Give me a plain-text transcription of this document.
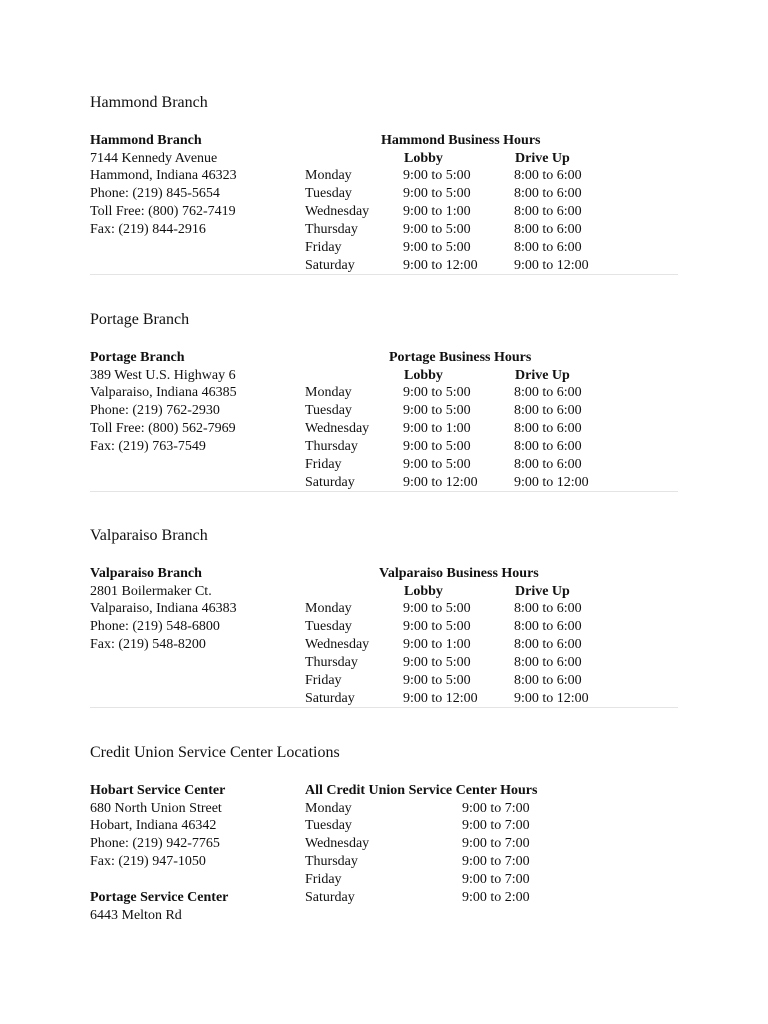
Hammond Branch
Hammond Branch
7144 Kennedy Avenue
Hammond, Indiana 46323
Phone: (219) 845-5654
Toll Free: (800) 762-7419
Fax: (219) 844-2916
Hammond Business Hours
Lobby	Drive Up
Monday	9:00 to 5:00	8:00 to 6:00
Tuesday	9:00 to 5:00	8:00 to 6:00
Wednesday 9:00 to 1:00	8:00 to 6:00
Thursday	9:00 to 5:00	8:00 to 6:00
Friday	9:00 to 5:00	8:00 to 6:00
Saturday	9:00 to 12:00	9:00 to 12:00
Portage Branch
Portage Branch
389 West U.S. Highway 6
Valparaiso, Indiana 46385
Phone: (219) 762-2930
Toll Free: (800) 562-7969
Fax: (219) 763-7549
Portage Business Hours
Lobby	Drive Up
Monday	9:00 to 5:00	8:00 to 6:00
Tuesday	9:00 to 5:00	8:00 to 6:00
Wednesday 9:00 to 1:00	8:00 to 6:00
Thursday	9:00 to 5:00	8:00 to 6:00
Friday	9:00 to 5:00	8:00 to 6:00
Saturday	9:00 to 12:00	9:00 to 12:00
Valparaiso Branch
Valparaiso Branch
2801 Boilermaker Ct.
Valparaiso, Indiana 46383
Phone: (219) 548-6800
Fax: (219) 548-8200
Valparaiso Business Hours
Lobby	Drive Up
Monday	9:00 to 5:00	8:00 to 6:00
Tuesday	9:00 to 5:00	8:00 to 6:00
Wednesday 9:00 to 1:00	8:00 to 6:00
Thursday	9:00 to 5:00	8:00 to 6:00
Friday	9:00 to 5:00	8:00 to 6:00
Saturday	9:00 to 12:00	9:00 to 12:00
Credit Union Service Center Locations
Hobart Service Center
680 North Union Street
Hobart, Indiana 46342
Phone: (219) 942-7765
Fax: (219) 947-1050
Portage Service Center
6443 Melton Rd
All Credit Union Service Center Hours
Monday	9:00 to 7:00
Tuesday	9:00 to 7:00
Wednesday	9:00 to 7:00
Thursday	9:00 to 7:00
Friday	9:00 to 7:00
Saturday	9:00 to 2:00
